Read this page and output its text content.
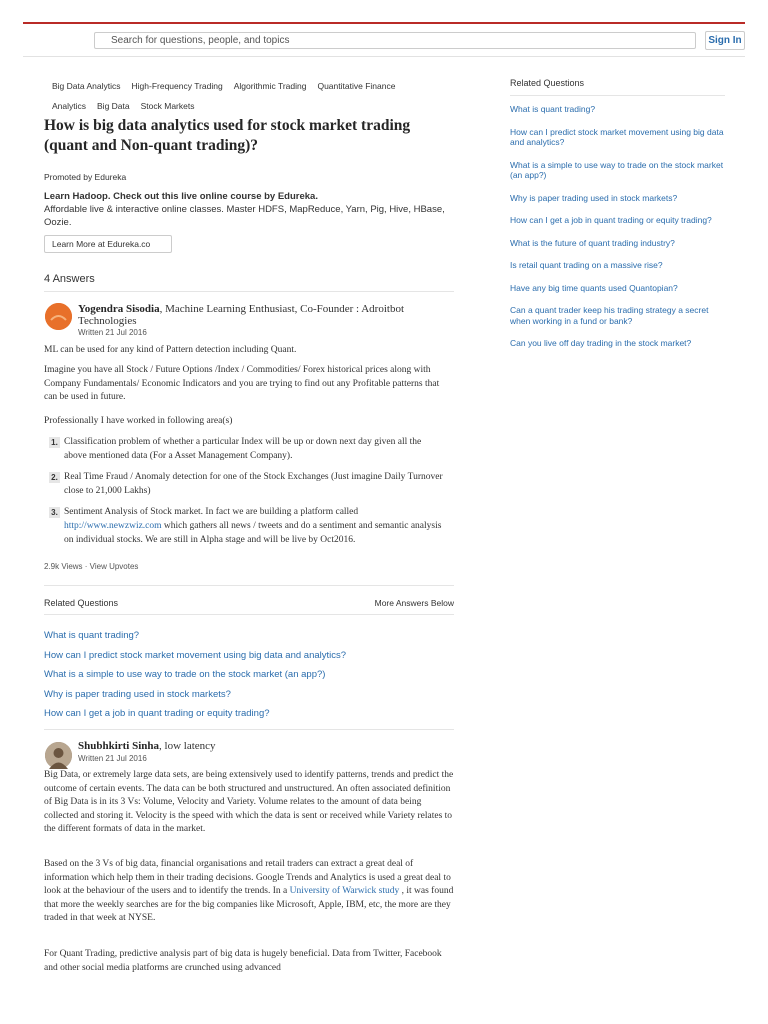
Search for questions, people, and topics
Sign In
Big Data Analytics High-Frequency Trading Algorithmic Trading Quantitative Finance
Analytics Big Data Stock Markets
How is big data analytics used for stock market trading (quant and Non-quant trading)?
Promoted by Edureka
Learn Hadoop. Check out this live online course by Edureka.
Affordable live & interactive online classes. Master HDFS, MapReduce, Yarn, Pig, Hive, HBase, Oozie.
Learn More at Edureka.co
4 Answers
Yogendra Sisodia, Machine Learning Enthusiast, Co-Founder : Adroitbot Technologies
Written 21 Jul 2016

ML can be used for any kind of Pattern detection including Quant.

Imagine you have all Stock / Future Options /Index / Commodities/ Forex historical prices along with Company Fundamentals/ Economic Indicators and you are trying to find out any Profitable patterns that can be used in future.

Professionally I have worked in following area(s)

1. Classification problem of whether a particular Index will be up or down next day given all the above mentioned data (For a Asset Management Company).
2. Real Time Fraud / Anomaly detection for one of the Stock Exchanges (Just imagine Daily Turnover close to 21,000 Lakhs)
3. Sentiment Analysis of Stock market. In fact we are building a platform called http://www.newzwiz.com which gathers all news / tweets and do a sentiment and semantic analysis on individual stocks. We are still in Alpha stage and will be live by Oct2016.
2.9k Views · View Upvotes
Related Questions	More Answers Below
What is quant trading?
How can I predict stock market movement using big data and analytics?
What is a simple to use way to trade on the stock market (an app?)
Why is paper trading used in stock markets?
How can I get a job in quant trading or equity trading?
Shubhkirti Sinha, low latency
Written 21 Jul 2016

Big Data, or extremely large data sets, are being extensively used to identify patterns, trends and predict the outcome of certain events. The data can be both structured and unstructured. An often associated definition of Big Data is in its 3 Vs: Volume, Velocity and Variety. Volume relates to the amount of data being collected and storing it. Velocity is the speed with which the data is sent or received while Variety relates to the different formats of data in the market.

Based on the 3 Vs of big data, financial organisations and retail traders can extract a great deal of information which help them in their trading decisions. Google Trends and Analytics is used a great deal to look at the behaviour of the users and to identify the trends. In a University of Warwick study , it was found that more the weekly searches are for the big companies like Microsoft, Apple, IBM, etc, the more are they traded in that week at NYSE.

For Quant Trading, predictive analysis part of big data is hugely beneficial. Data from Twitter, Facebook and other social media platforms are crunched using advanced

Related Questions
What is quant trading?
How can I predict stock market movement using big data and analytics?
What is a simple to use way to trade on the stock market (an app?)
Why is paper trading used in stock markets?
How can I get a job in quant trading or equity trading?
What is the future of quant trading industry?
Is retail quant trading on a massive rise?
Have any big time quants used Quantopian?
Can a quant trader keep his trading strategy a secret when working in a fund or bank?
Can you live off day trading in the stock market?
